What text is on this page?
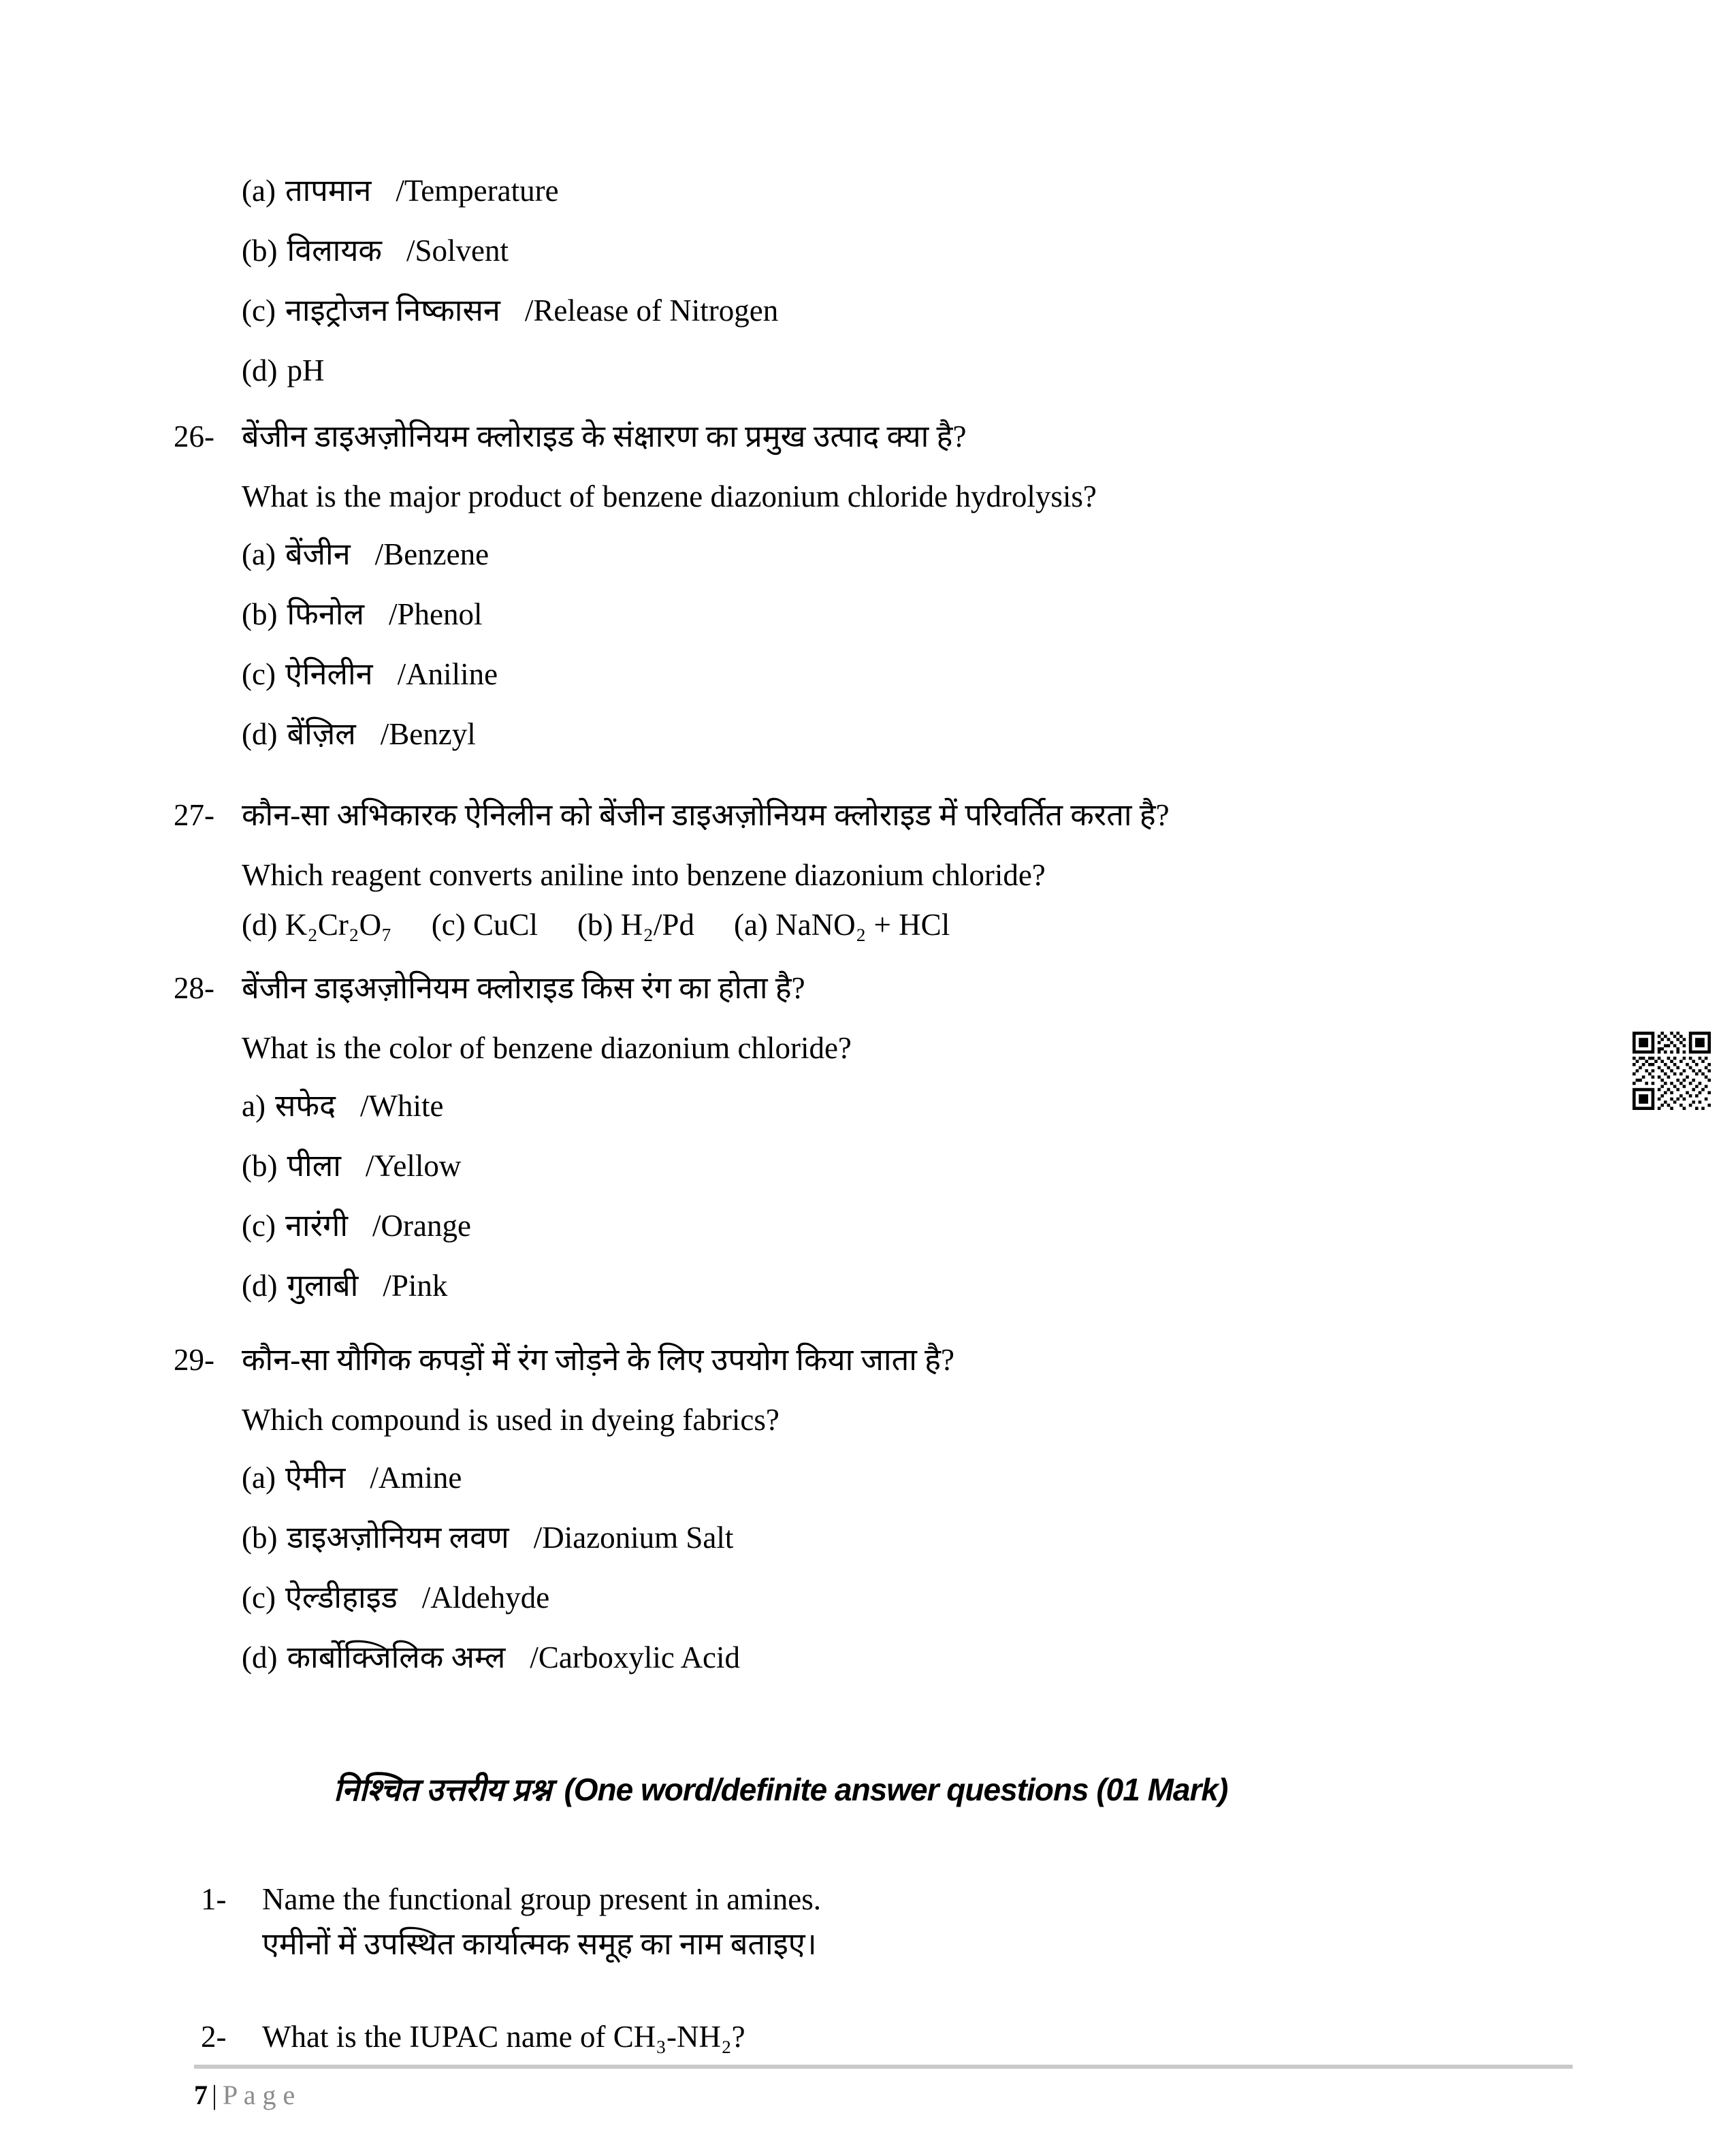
(a) तापमान /Temperature
(b) विलायक /Solvent
(c) नाइट्रोजन निष्कासन /Release of Nitrogen
(d) pH
26- बेंजीन डाइअज़ोनियम क्लोराइड के संक्षारण का प्रमुख उत्पाद क्या है?
What is the major product of benzene diazonium chloride hydrolysis?
(a) बेंजीन /Benzene
(b) फिनोल /Phenol
(c) ऐनिलीन /Aniline
(d) बेंज़िल /Benzyl
27- कौन-सा अभिकारक ऐनिलीन को बेंजीन डाइअज़ोनियम क्लोराइड में परिवर्तित करता है?
Which reagent converts aniline into benzene diazonium chloride?
(d) K₂Cr₂O₇ (c) CuCl (b) H₂/Pd (a) NaNO₂ + HCl
28- बेंजीन डाइअज़ोनियम क्लोराइड किस रंग का होता है?
What is the color of benzene diazonium chloride?
a) सफेद /White
(b) पीला /Yellow
(c) नारंगी /Orange
(d) गुलाबी /Pink
29- कौन-सा यौगिक कपड़ों में रंग जोड़ने के लिए उपयोग किया जाता है?
Which compound is used in dyeing fabrics?
(a) ऐमीन /Amine
(b) डाइअज़ोनियम लवण /Diazonium Salt
(c) ऐल्डीहाइड /Aldehyde
(d) कार्बोक्जिलिक अम्ल /Carboxylic Acid
निश्चित उत्तरीय प्रश्न (One word/definite answer questions (01 Mark)
1-	Name the functional group present in amines.
एमीनों में उपस्थित कार्यात्मक समूह का नाम बताइए।
2-	What is the IUPAC name of CH₃-NH₂?
7 | P a g e
